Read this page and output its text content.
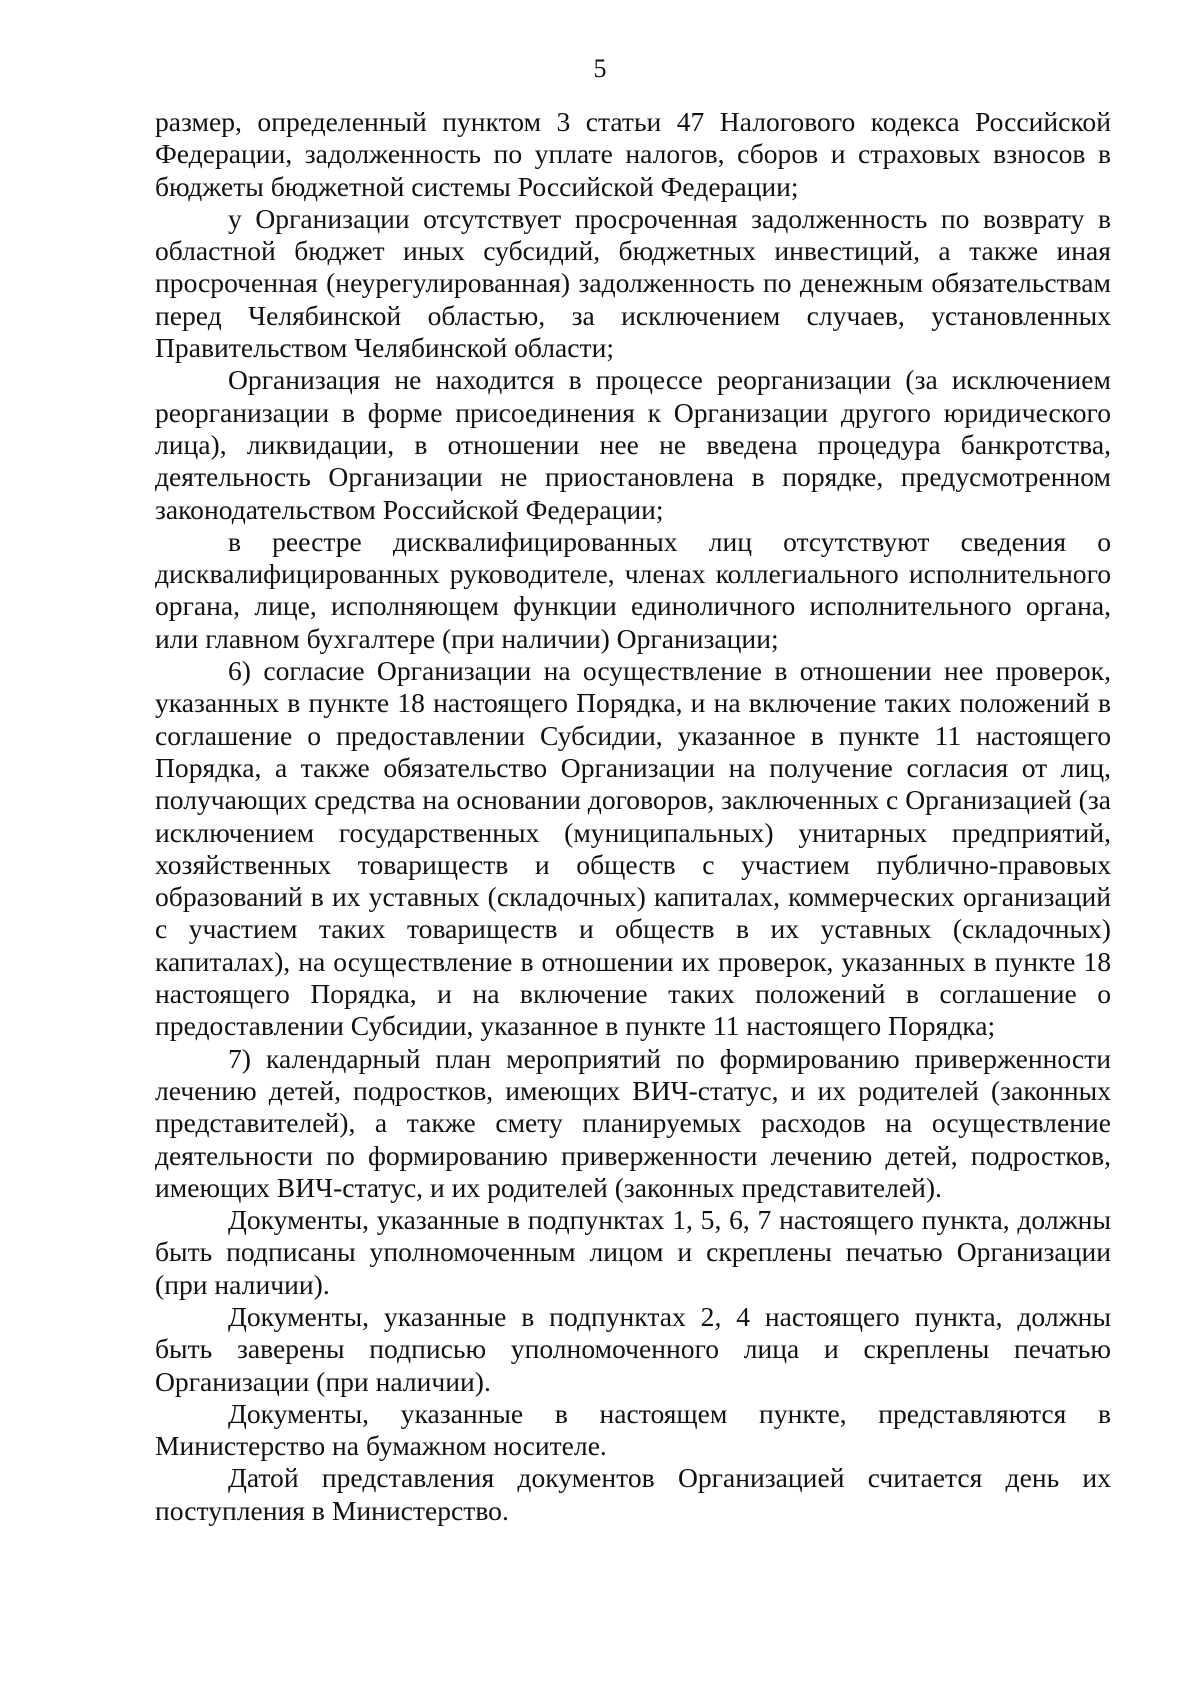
5

размер, определенный пунктом 3 статьи 47 Налогового кодекса Российской Федерации, задолженность по уплате налогов, сборов и страховых взносов в бюджеты бюджетной системы Российской Федерации;

у Организации отсутствует просроченная задолженность по возврату в областной бюджет иных субсидий, бюджетных инвестиций, а также иная просроченная (неурегулированная) задолженность по денежным обязательствам перед Челябинской областью, за исключением случаев, установленных Правительством Челябинской области;

Организация не находится в процессе реорганизации (за исключением реорганизации в форме присоединения к Организации другого юридического лица), ликвидации, в отношении нее не введена процедура банкротства, деятельность Организации не приостановлена в порядке, предусмотренном законодательством Российской Федерации;

в реестре дисквалифицированных лиц отсутствуют сведения о дисквалифицированных руководителе, членах коллегиального исполнительного органа, лице, исполняющем функции единоличного исполнительного органа, или главном бухгалтере (при наличии) Организации;

6) согласие Организации на осуществление в отношении нее проверок, указанных в пункте 18 настоящего Порядка, и на включение таких положений в соглашение о предоставлении Субсидии, указанное в пункте 11 настоящего Порядка, а также обязательство Организации на получение согласия от лиц, получающих средства на основании договоров, заключенных с Организацией (за исключением государственных (муниципальных) унитарных предприятий, хозяйственных товариществ и обществ с участием публично-правовых образований в их уставных (складочных) капиталах, коммерческих организаций с участием таких товариществ и обществ в их уставных (складочных) капиталах), на осуществление в отношении их проверок, указанных в пункте 18 настоящего Порядка, и на включение таких положений в соглашение о предоставлении Субсидии, указанное в пункте 11 настоящего Порядка;

7) календарный план мероприятий по формированию приверженности лечению детей, подростков, имеющих ВИЧ-статус, и их родителей (законных представителей), а также смету планируемых расходов на осуществление деятельности по формированию приверженности лечению детей, подростков, имеющих ВИЧ-статус, и их родителей (законных представителей).

Документы, указанные в подпунктах 1, 5, 6, 7 настоящего пункта, должны быть подписаны уполномоченным лицом и скреплены печатью Организации (при наличии).

Документы, указанные в подпунктах 2, 4 настоящего пункта, должны быть заверены подписью уполномоченного лица и скреплены печатью Организации (при наличии).

Документы, указанные в настоящем пункте, представляются в Министерство на бумажном носителе.

Датой представления документов Организацией считается день их поступления в Министерство.
